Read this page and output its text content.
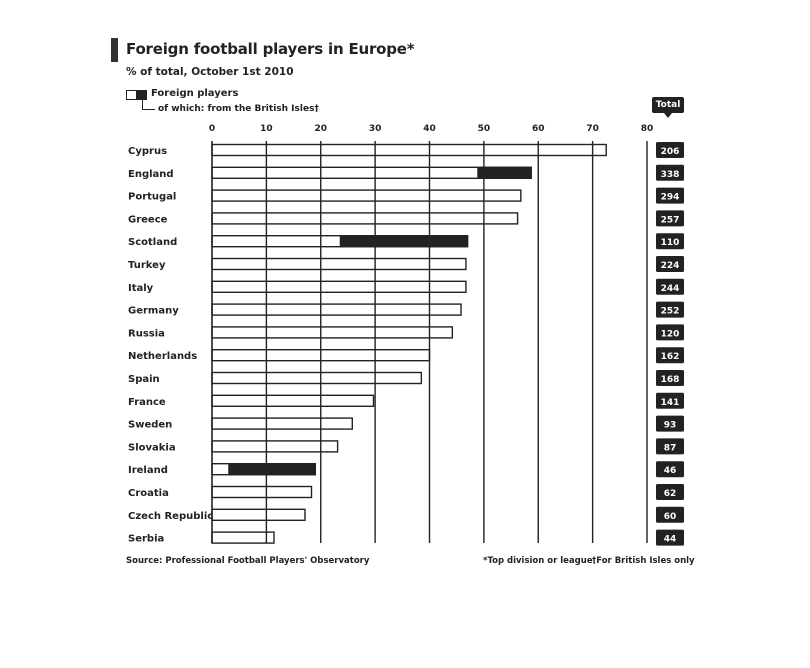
Foreign football players in Europe*
% of total, October 1st 2010
Foreign players
of which: from the British Isles†	Total
0	10	20	30	40	50	60	70	80
Cyprus	206
England	338
Portugal	294
Greece	257
Scotland	110
Turkey	224
Italy	244
Germany	252
Russia	120
Netherlands	162
Spain	168
France	141
Sweden	93
Slovakia	87
Ireland	46
Croatia	62
Czech Republic	60
Serbia	44
Source: Professional Football Players' Observatory	*Top division or league †For British Isles only
